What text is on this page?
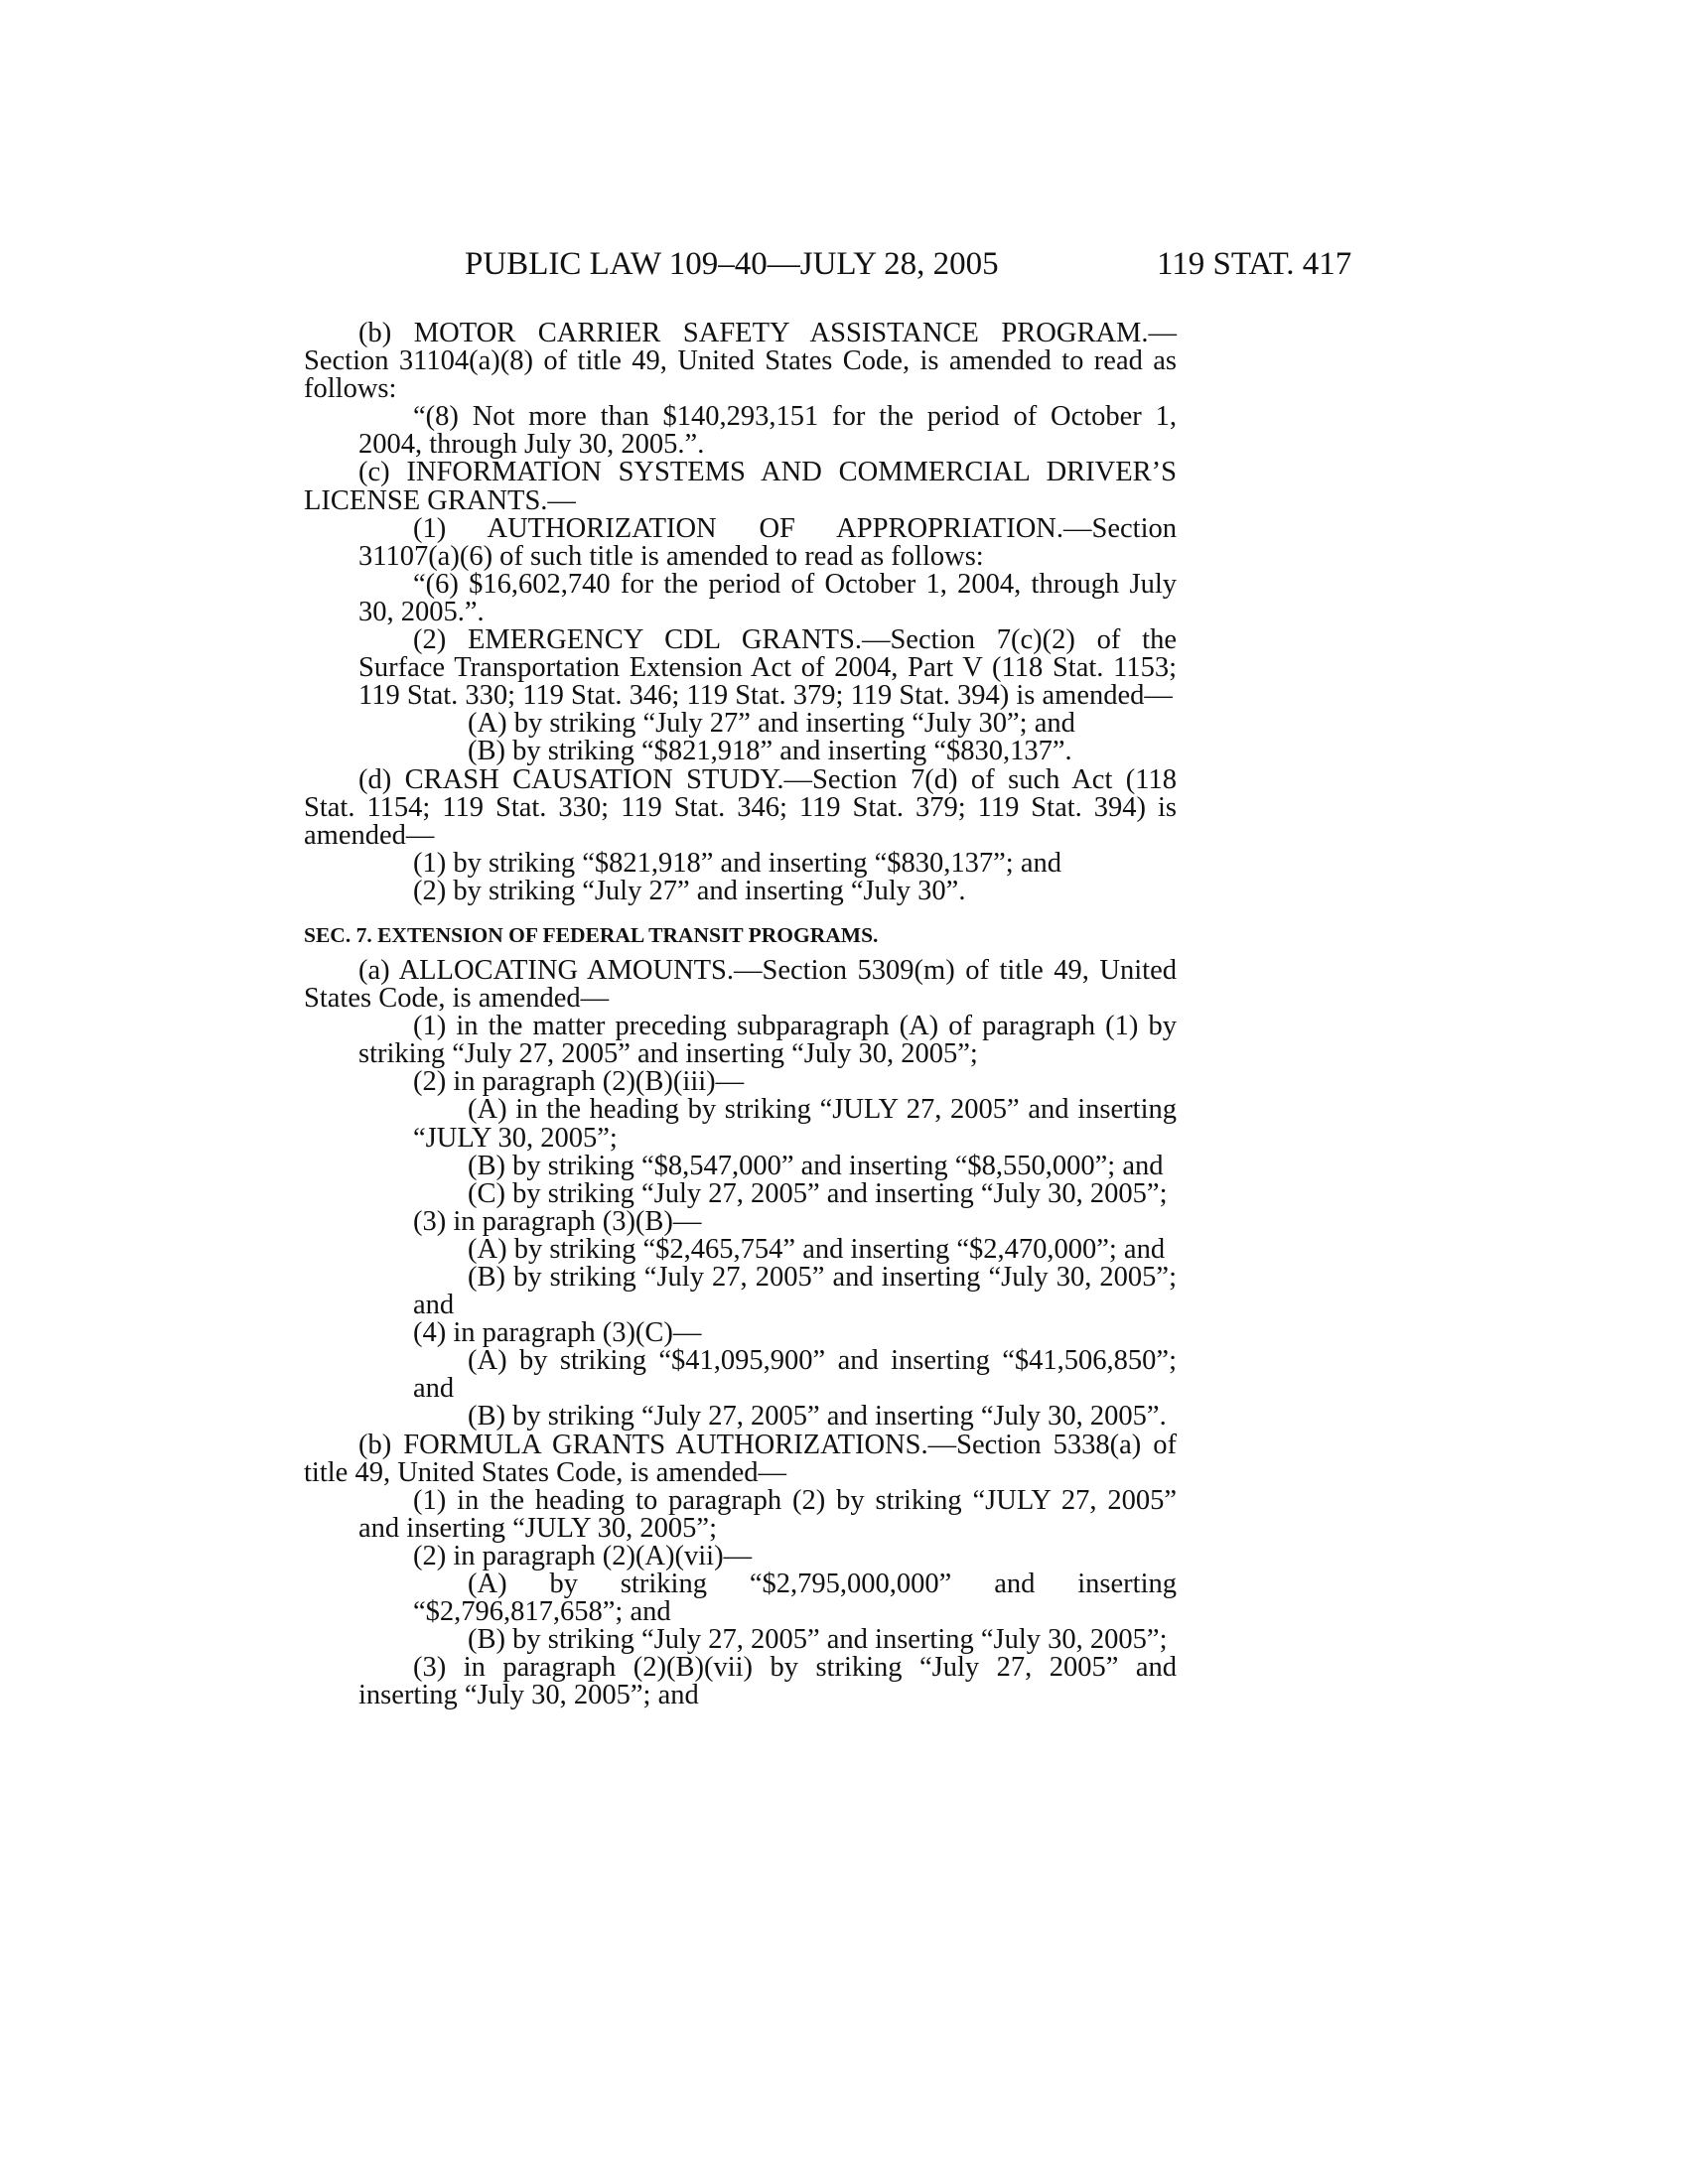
PUBLIC LAW 109–40—JULY 28, 2005	119 STAT. 417

(b) MOTOR CARRIER SAFETY ASSISTANCE PROGRAM.—Section 31104(a)(8) of title 49, United States Code, is amended to read as follows:

“(8) Not more than $140,293,151 for the period of October 1, 2004, through July 30, 2005.”.

(c) INFORMATION SYSTEMS AND COMMERCIAL DRIVER’S LICENSE GRANTS.—

(1) AUTHORIZATION OF APPROPRIATION.—Section 31107(a)(6) of such title is amended to read as follows:

“(6) $16,602,740 for the period of October 1, 2004, through July 30, 2005.”.

(2) EMERGENCY CDL GRANTS.—Section 7(c)(2) of the Surface Transportation Extension Act of 2004, Part V (118 Stat. 1153; 119 Stat. 330; 119 Stat. 346; 119 Stat. 379; 119 Stat. 394) is amended—

(A) by striking “July 27” and inserting “July 30”; and

(B) by striking “$821,918” and inserting “$830,137”.

(d) CRASH CAUSATION STUDY.—Section 7(d) of such Act (118 Stat. 1154; 119 Stat. 330; 119 Stat. 346; 119 Stat. 379; 119 Stat. 394) is amended—

(1) by striking “$821,918” and inserting “$830,137”; and

(2) by striking “July 27” and inserting “July 30”.

SEC. 7. EXTENSION OF FEDERAL TRANSIT PROGRAMS.

(a) ALLOCATING AMOUNTS.—Section 5309(m) of title 49, United States Code, is amended—

(1) in the matter preceding subparagraph (A) of paragraph (1) by striking “July 27, 2005” and inserting “July 30, 2005”;

(2) in paragraph (2)(B)(iii)—

(A) in the heading by striking “JULY 27, 2005” and inserting “JULY 30, 2005”;

(B) by striking “$8,547,000” and inserting “$8,550,000”; and

(C) by striking “July 27, 2005” and inserting “July 30, 2005”;

(3) in paragraph (3)(B)—

(A) by striking “$2,465,754” and inserting “$2,470,000”; and

(B) by striking “July 27, 2005” and inserting “July 30, 2005”; and

(4) in paragraph (3)(C)—

(A) by striking “$41,095,900” and inserting “$41,506,850”; and

(B) by striking “July 27, 2005” and inserting “July 30, 2005”.

(b) FORMULA GRANTS AUTHORIZATIONS.—Section 5338(a) of title 49, United States Code, is amended—

(1) in the heading to paragraph (2) by striking “JULY 27, 2005” and inserting “JULY 30, 2005”;

(2) in paragraph (2)(A)(vii)—

(A) by striking “$2,795,000,000” and inserting “$2,796,817,658”; and

(B) by striking “July 27, 2005” and inserting “July 30, 2005”;

(3) in paragraph (2)(B)(vii) by striking “July 27, 2005” and inserting “July 30, 2005”; and
